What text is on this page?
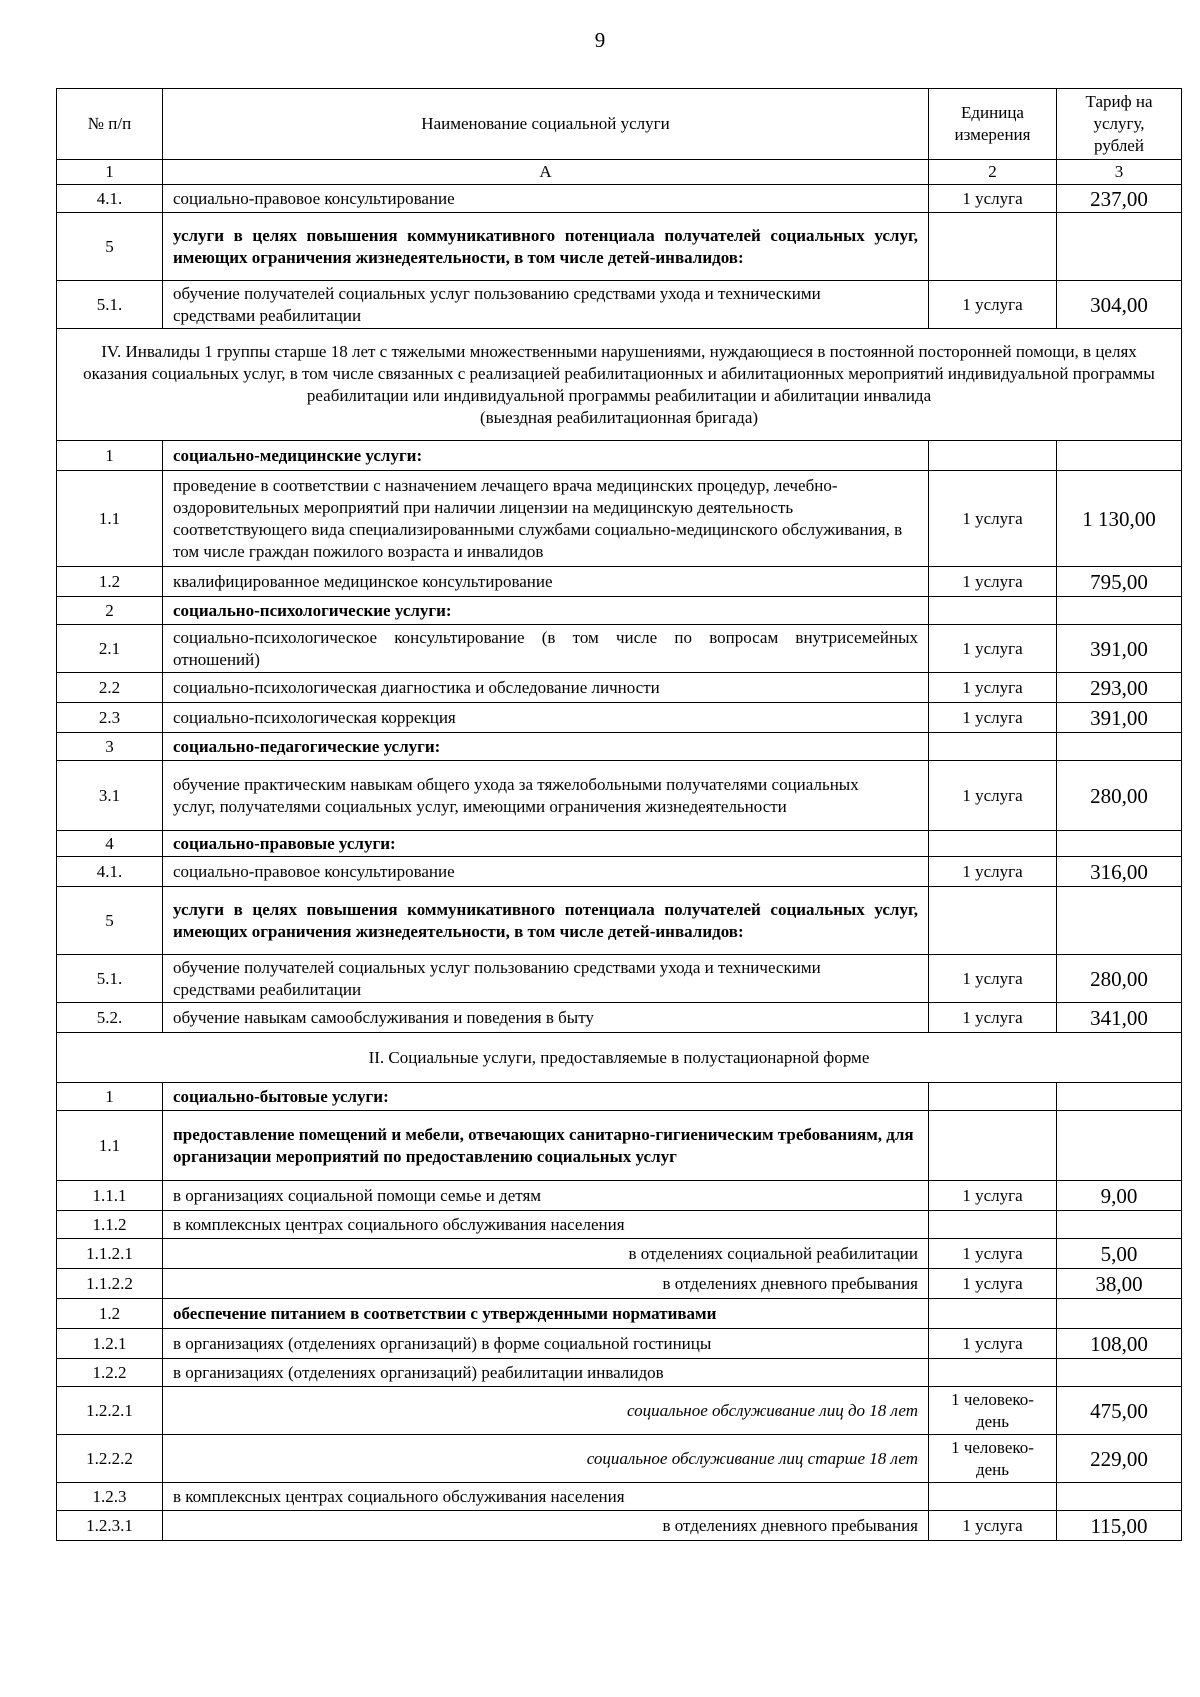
9
№ п/п	Наименование социальной услуги	Единица измерения	Тариф на услугу, рублей
1	А	2	3
4.1.	социально-правовое консультирование	1 услуга	237,00
5	услуги в целях повышения коммуникативного потенциала получателей социальных услуг, имеющих ограничения жизнедеятельности, в том числе детей-инвалидов:		
5.1.	обучение получателей социальных услуг пользованию средствами ухода и техническими средствами реабилитации	1 услуга	304,00
IV. Инвалиды 1 группы старше 18 лет с тяжелыми множественными нарушениями, нуждающиеся в постоянной посторонней помощи, в целях оказания социальных услуг, в том числе связанных с реализацией реабилитационных и абилитационных мероприятий индивидуальной программы реабилитации или индивидуальной программы реабилитации и абилитации инвалида
(выездная реабилитационная бригада)			
1	социально-медицинские услуги:		
1.1	проведение в соответствии с назначением лечащего врача медицинских процедур, лечебно-оздоровительных мероприятий при наличии лицензии на медицинскую деятельность соответствующего вида специализированными службами социально-медицинского обслуживания, в том числе граждан пожилого возраста и инвалидов	1 услуга	1 130,00
1.2	квалифицированное медицинское консультирование	1 услуга	795,00
2	социально-психологические услуги:		
2.1	социально-психологическое консультирование (в том числе по вопросам внутрисемейных отношений)	1 услуга	391,00
2.2	социально-психологическая диагностика и обследование личности	1 услуга	293,00
2.3	социально-психологическая коррекция	1 услуга	391,00
3	социально-педагогические услуги:		
3.1	обучение практическим навыкам общего ухода за тяжелобольными получателями социальных услуг, получателями социальных услуг, имеющими ограничения жизнедеятельности	1 услуга	280,00
4	социально-правовые услуги:		
4.1.	социально-правовое консультирование	1 услуга	316,00
5	услуги в целях повышения коммуникативного потенциала получателей социальных услуг, имеющих ограничения жизнедеятельности, в том числе детей-инвалидов:		
5.1.	обучение получателей социальных услуг пользованию средствами ухода и техническими средствами реабилитации	1 услуга	280,00
5.2.	обучение навыкам самообслуживания и поведения в быту	1 услуга	341,00
II. Социальные услуги, предоставляемые в полустационарной форме			
1	социально-бытовые услуги:		
1.1	предоставление помещений и мебели, отвечающих санитарно-гигиеническим требованиям, для организации мероприятий по предоставлению социальных услуг		
1.1.1	в организациях социальной помощи семье и детям	1 услуга	9,00
1.1.2	в комплексных центрах социального обслуживания населения		
1.1.2.1	в отделениях социальной реабилитации	1 услуга	5,00
1.1.2.2	в отделениях дневного пребывания	1 услуга	38,00
1.2	обеспечение питанием в соответствии с утвержденными нормативами		
1.2.1	в организациях (отделениях организаций) в форме социальной гостиницы	1 услуга	108,00
1.2.2	в организациях (отделениях организаций) реабилитации инвалидов		
1.2.2.1	социальное обслуживание лиц до 18 лет	1 человеко-день	475,00
1.2.2.2	социальное обслуживание лиц старше 18 лет	1 человеко-день	229,00
1.2.3	в комплексных центрах социального обслуживания населения		
1.2.3.1	в отделениях дневного пребывания	1 услуга	115,00
